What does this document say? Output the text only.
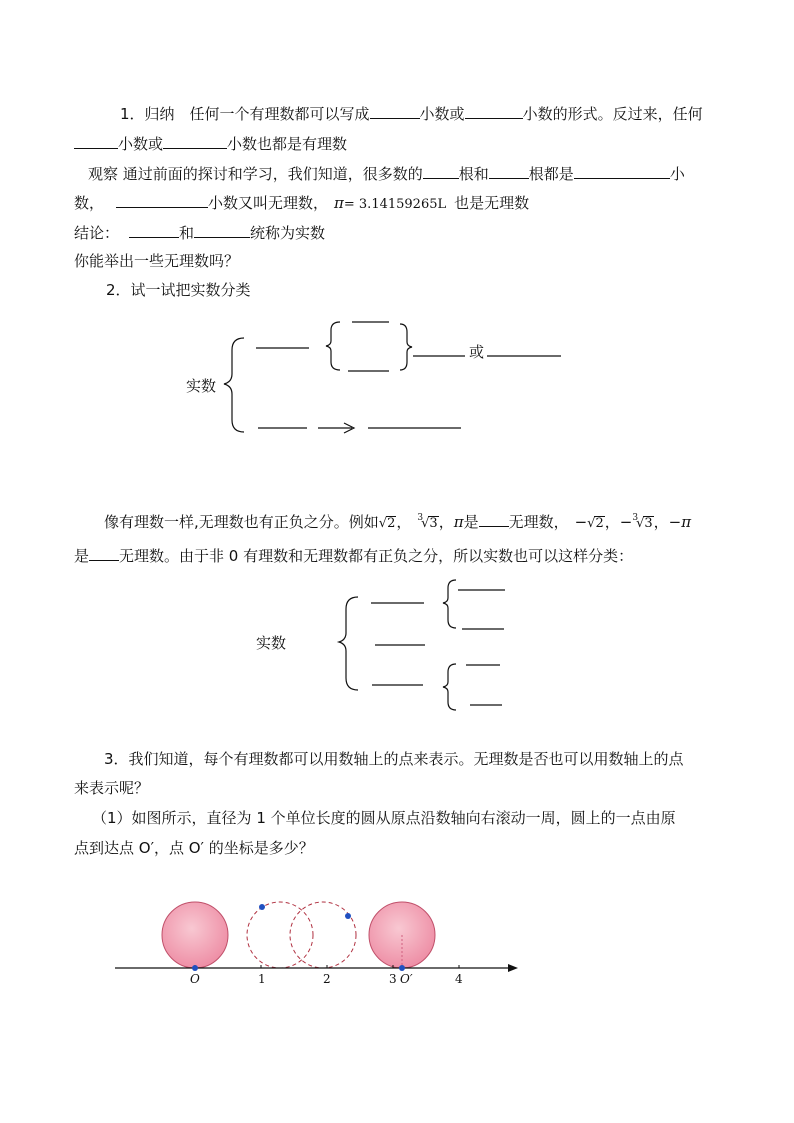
1．归纳　任何一个有理数都可以写成	小数或	小数的形式。反过来，任何
小数或	小数也都是有理数
观察 通过前面的探讨和学习，我们知道，很多数的 根和	根都是	小
数，	小数又叫无理数， π= 3.14159265L 也是无理数
结论：	和	统称为实数
你能举出一些无理数吗？
2．试一试把实数分类
实数
或
实数
像有理数一样,无理数也有正负之分。例如√2， $^3$√3，π是 无理数， −√2，−$^3$√3，−π
是 无理数。由于非 0 有理数和无理数都有正负之分，所以实数也可以这样分类：
3．我们知道，每个有理数都可以用数轴上的点来表示。无理数是否也可以用数轴上的点
来表示呢？
（1）如图所示，直径为 1 个单位长度的圆从原点沿数轴向右滚动一周，圆上的一点由原
点到达点 O′，点 O′ 的坐标是多少？
O	1	2	3 O′	4
